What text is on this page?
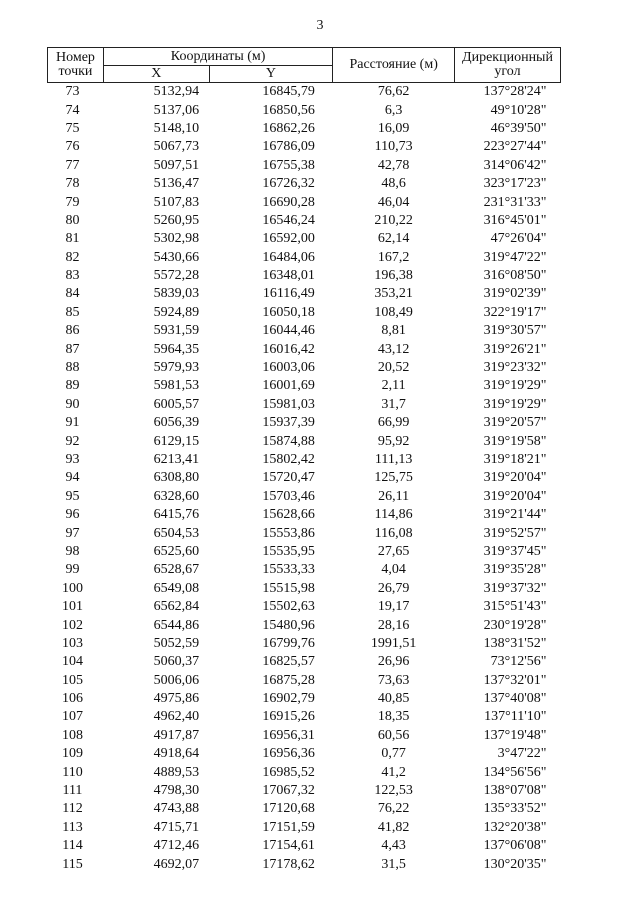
3
Номер
точки	Координаты (м)		Расстояние (м)	Дирекционный
угол
	X	Y		
73	5132,94	16845,79	76,62	137°28'24"
74	5137,06	16850,56	6,3	49°10'28"
75	5148,10	16862,26	16,09	46°39'50"
76	5067,73	16786,09	110,73	223°27'44"
77	5097,51	16755,38	42,78	314°06'42"
78	5136,47	16726,32	48,6	323°17'23"
79	5107,83	16690,28	46,04	231°31'33"
80	5260,95	16546,24	210,22	316°45'01"
81	5302,98	16592,00	62,14	47°26'04"
82	5430,66	16484,06	167,2	319°47'22"
83	5572,28	16348,01	196,38	316°08'50"
84	5839,03	16116,49	353,21	319°02'39"
85	5924,89	16050,18	108,49	322°19'17"
86	5931,59	16044,46	8,81	319°30'57"
87	5964,35	16016,42	43,12	319°26'21"
88	5979,93	16003,06	20,52	319°23'32"
89	5981,53	16001,69	2,11	319°19'29"
90	6005,57	15981,03	31,7	319°19'29"
91	6056,39	15937,39	66,99	319°20'57"
92	6129,15	15874,88	95,92	319°19'58"
93	6213,41	15802,42	111,13	319°18'21"
94	6308,80	15720,47	125,75	319°20'04"
95	6328,60	15703,46	26,11	319°20'04"
96	6415,76	15628,66	114,86	319°21'44"
97	6504,53	15553,86	116,08	319°52'57"
98	6525,60	15535,95	27,65	319°37'45"
99	6528,67	15533,33	4,04	319°35'28"
100	6549,08	15515,98	26,79	319°37'32"
101	6562,84	15502,63	19,17	315°51'43"
102	6544,86	15480,96	28,16	230°19'28"
103	5052,59	16799,76	1991,51	138°31'52"
104	5060,37	16825,57	26,96	73°12'56"
105	5006,06	16875,28	73,63	137°32'01"
106	4975,86	16902,79	40,85	137°40'08"
107	4962,40	16915,26	18,35	137°11'10"
108	4917,87	16956,31	60,56	137°19'48"
109	4918,64	16956,36	0,77	3°47'22"
110	4889,53	16985,52	41,2	134°56'56"
111	4798,30	17067,32	122,53	138°07'08"
112	4743,88	17120,68	76,22	135°33'52"
113	4715,71	17151,59	41,82	132°20'38"
114	4712,46	17154,61	4,43	137°06'08"
115	4692,07	17178,62	31,5	130°20'35"
